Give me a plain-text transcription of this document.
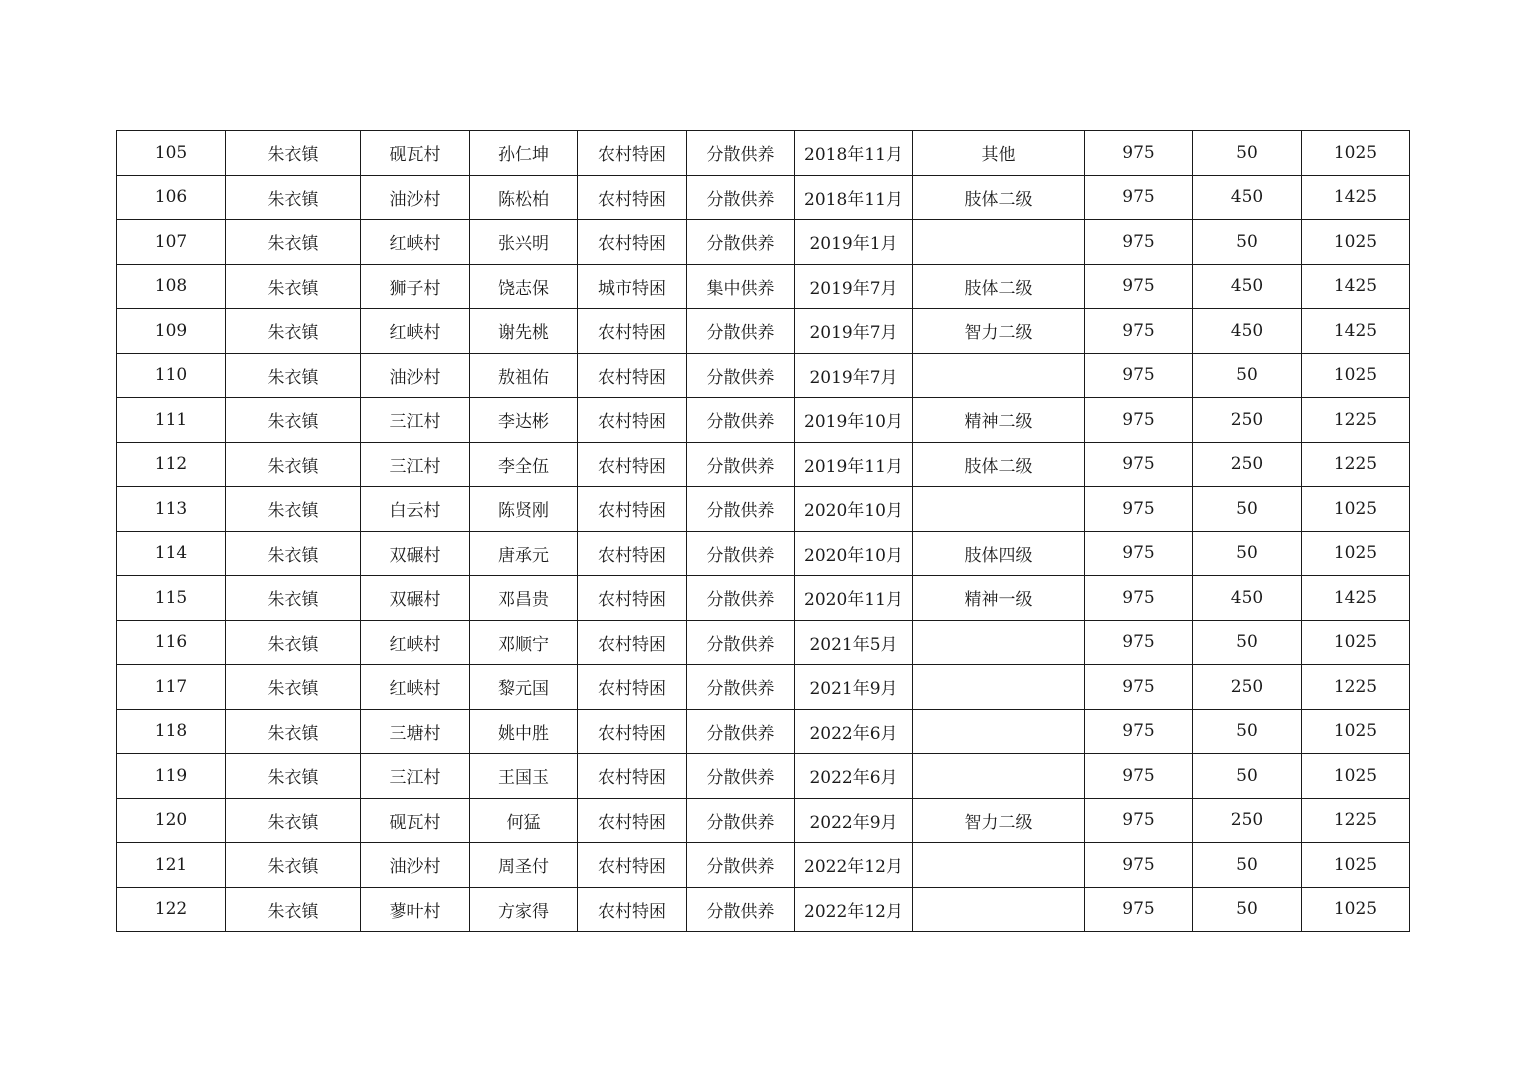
105	朱衣镇	砚瓦村	孙仁坤	农村特困	分散供养	2018年11月	其他	975	50	1025
106	朱衣镇	油沙村	陈松柏	农村特困	分散供养	2018年11月	肢体二级	975	450	1425
107	朱衣镇	红峡村	张兴明	农村特困	分散供养	2019年1月		975	50	1025
108	朱衣镇	狮子村	饶志保	城市特困	集中供养	2019年7月	肢体二级	975	450	1425
109	朱衣镇	红峡村	谢先桃	农村特困	分散供养	2019年7月	智力二级	975	450	1425
110	朱衣镇	油沙村	敖祖佑	农村特困	分散供养	2019年7月		975	50	1025
111	朱衣镇	三江村	李达彬	农村特困	分散供养	2019年10月	精神二级	975	250	1225
112	朱衣镇	三江村	李全伍	农村特困	分散供养	2019年11月	肢体二级	975	250	1225
113	朱衣镇	白云村	陈贤刚	农村特困	分散供养	2020年10月		975	50	1025
114	朱衣镇	双碾村	唐承元	农村特困	分散供养	2020年10月	肢体四级	975	50	1025
115	朱衣镇	双碾村	邓昌贵	农村特困	分散供养	2020年11月	精神一级	975	450	1425
116	朱衣镇	红峡村	邓顺宁	农村特困	分散供养	2021年5月		975	50	1025
117	朱衣镇	红峡村	黎元国	农村特困	分散供养	2021年9月		975	250	1225
118	朱衣镇	三塘村	姚中胜	农村特困	分散供养	2022年6月		975	50	1025
119	朱衣镇	三江村	王国玉	农村特困	分散供养	2022年6月		975	50	1025
120	朱衣镇	砚瓦村	何猛	农村特困	分散供养	2022年9月	智力二级	975	250	1225
121	朱衣镇	油沙村	周圣付	农村特困	分散供养	2022年12月		975	50	1025
122	朱衣镇	蓼叶村	方家得	农村特困	分散供养	2022年12月		975	50	1025
